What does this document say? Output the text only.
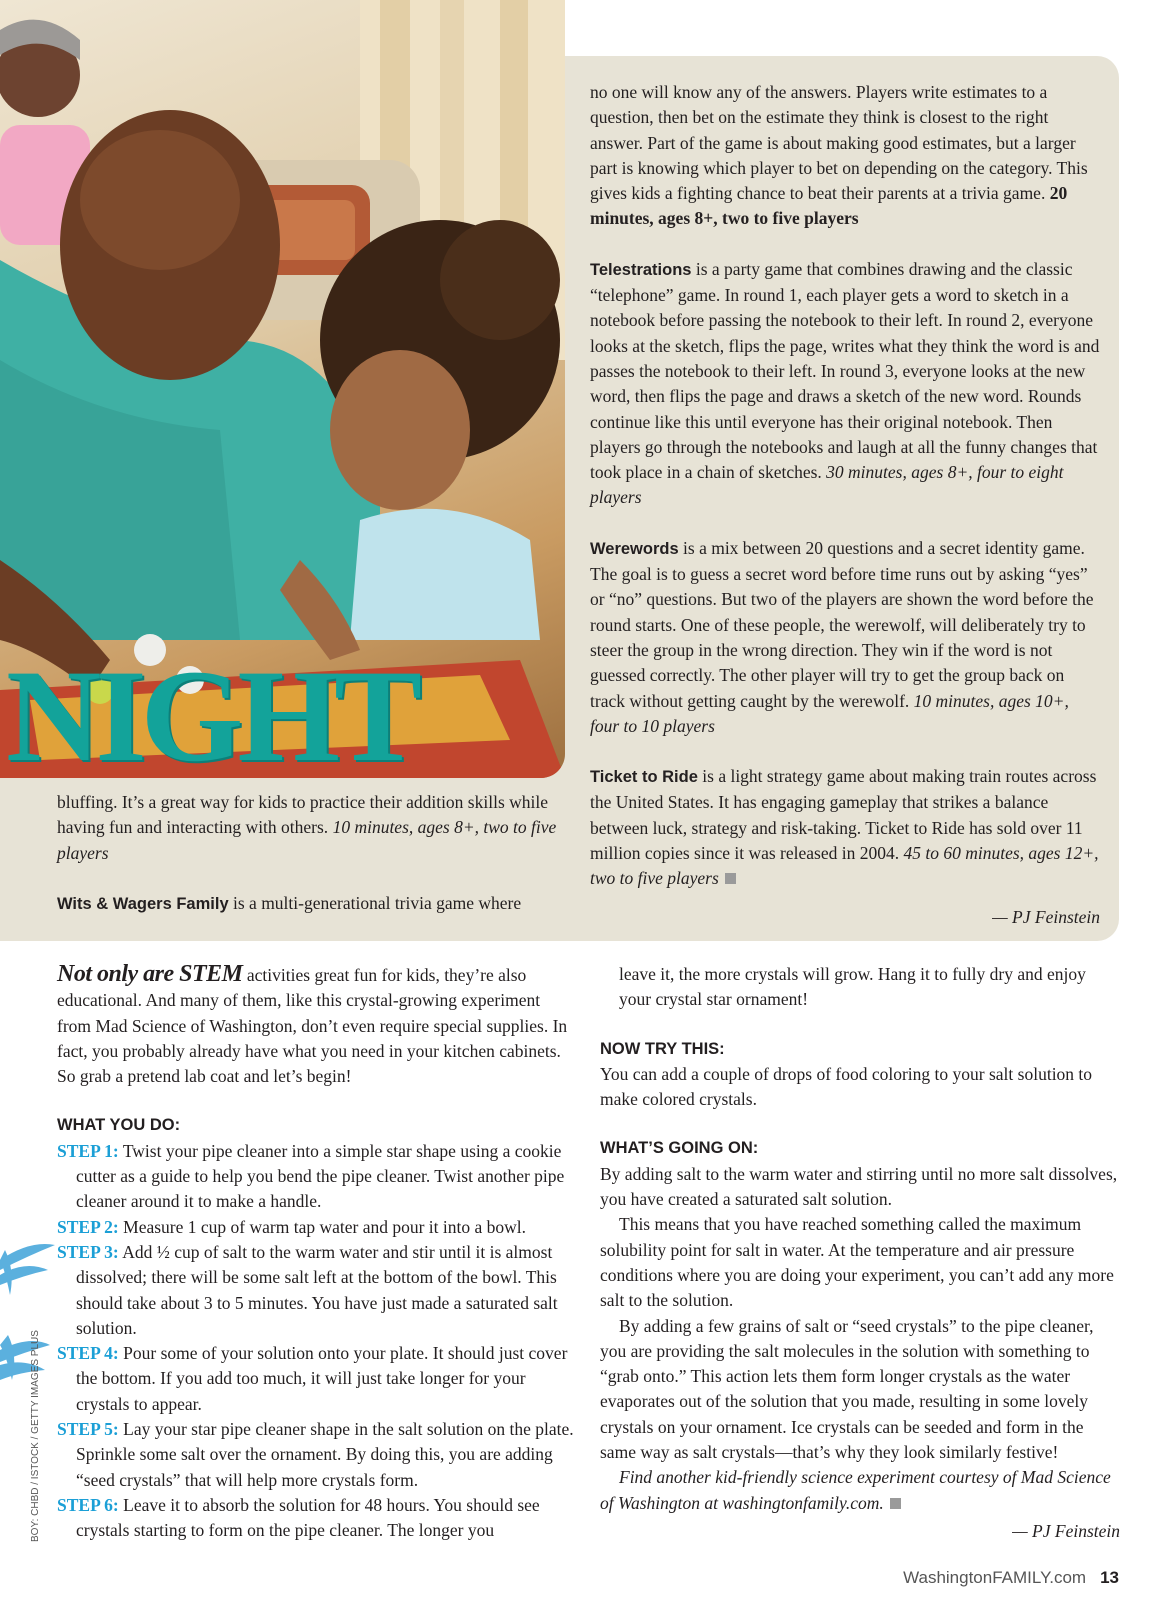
NIGHT

bluffing. It’s a great way for kids to practice their addition skills while having fun and interacting with others. 10 minutes, ages 8+, two to five players

Wits & Wagers Family is a multi-generational trivia game where

no one will know any of the answers. Players write estimates to a question, then bet on the estimate they think is closest to the right answer. Part of the game is about making good estimates, but a larger part is knowing which player to bet on depending on the category. This gives kids a fighting chance to beat their parents at a trivia game. 20 minutes, ages 8+, two to five players

Telestrations is a party game that combines drawing and the classic “telephone” game. In round 1, each player gets a word to sketch in a notebook before passing the notebook to their left. In round 2, everyone looks at the sketch, flips the page, writes what they think the word is and passes the notebook to their left. In round 3, everyone looks at the new word, then flips the page and draws a sketch of the new word. Rounds continue like this until everyone has their original notebook. Then players go through the notebooks and laugh at all the funny changes that took place in a chain of sketches. 30 minutes, ages 8+, four to eight players

Werewords is a mix between 20 questions and a secret identity game. The goal is to guess a secret word before time runs out by asking “yes” or “no” questions. But two of the players are shown the word before the round starts. One of these people, the werewolf, will deliberately try to steer the group in the wrong direction. They win if the word is not guessed correctly. The other player will try to get the group back on track without getting caught by the werewolf. 10 minutes, ages 10+, four to 10 players

Ticket to Ride is a light strategy game about making train routes across the United States. It has engaging gameplay that strikes a balance between luck, strategy and risk-taking. Ticket to Ride has sold over 11 million copies since it was released in 2004. 45 to 60 minutes, ages 12+, two to five players

— PJ Feinstein

Not only are STEM activities great fun for kids, they’re also educational. And many of them, like this crystal-growing experiment from Mad Science of Washington, don’t even require special supplies. In fact, you probably already have what you need in your kitchen cabinets. So grab a pretend lab coat and let’s begin!

WHAT YOU DO:

STEP 1: Twist your pipe cleaner into a simple star shape using a cookie cutter as a guide to help you bend the pipe cleaner. Twist another pipe cleaner around it to make a handle.

STEP 2: Measure 1 cup of warm tap water and pour it into a bowl.

STEP 3: Add ½ cup of salt to the warm water and stir until it is almost dissolved; there will be some salt left at the bottom of the bowl. This should take about 3 to 5 minutes. You have just made a saturated salt solution.

STEP 4: Pour some of your solution onto your plate. It should just cover the bottom. If you add too much, it will just take longer for your crystals to appear.

STEP 5: Lay your star pipe cleaner shape in the salt solution on the plate. Sprinkle some salt over the ornament. By doing this, you are adding “seed crystals” that will help more crystals form.

STEP 6: Leave it to absorb the solution for 48 hours. You should see crystals starting to form on the pipe cleaner. The longer you

leave it, the more crystals will grow. Hang it to fully dry and enjoy your crystal star ornament!

NOW TRY THIS:

You can add a couple of drops of food coloring to your salt solution to make colored crystals.

WHAT’S GOING ON:

By adding salt to the warm water and stirring until no more salt dissolves, you have created a saturated salt solution.

This means that you have reached something called the maximum solubility point for salt in water. At the temperature and air pressure conditions where you are doing your experiment, you can’t add any more salt to the solution.

By adding a few grains of salt or “seed crystals” to the pipe cleaner, you are providing the salt molecules in the solution with something to “grab onto.” This action lets them form longer crystals as the water evaporates out of the solution that you made, resulting in some lovely crystals on your ornament. Ice crystals can be seeded and form in the same way as salt crystals—that’s why they look similarly festive!

Find another kid-friendly science experiment courtesy of Mad Science of Washington at washingtonfamily.com.

— PJ Feinstein
BOY: CHBD / ISTOCK / GETTY IMAGES PLUS
WashingtonFAMILY.com 13
